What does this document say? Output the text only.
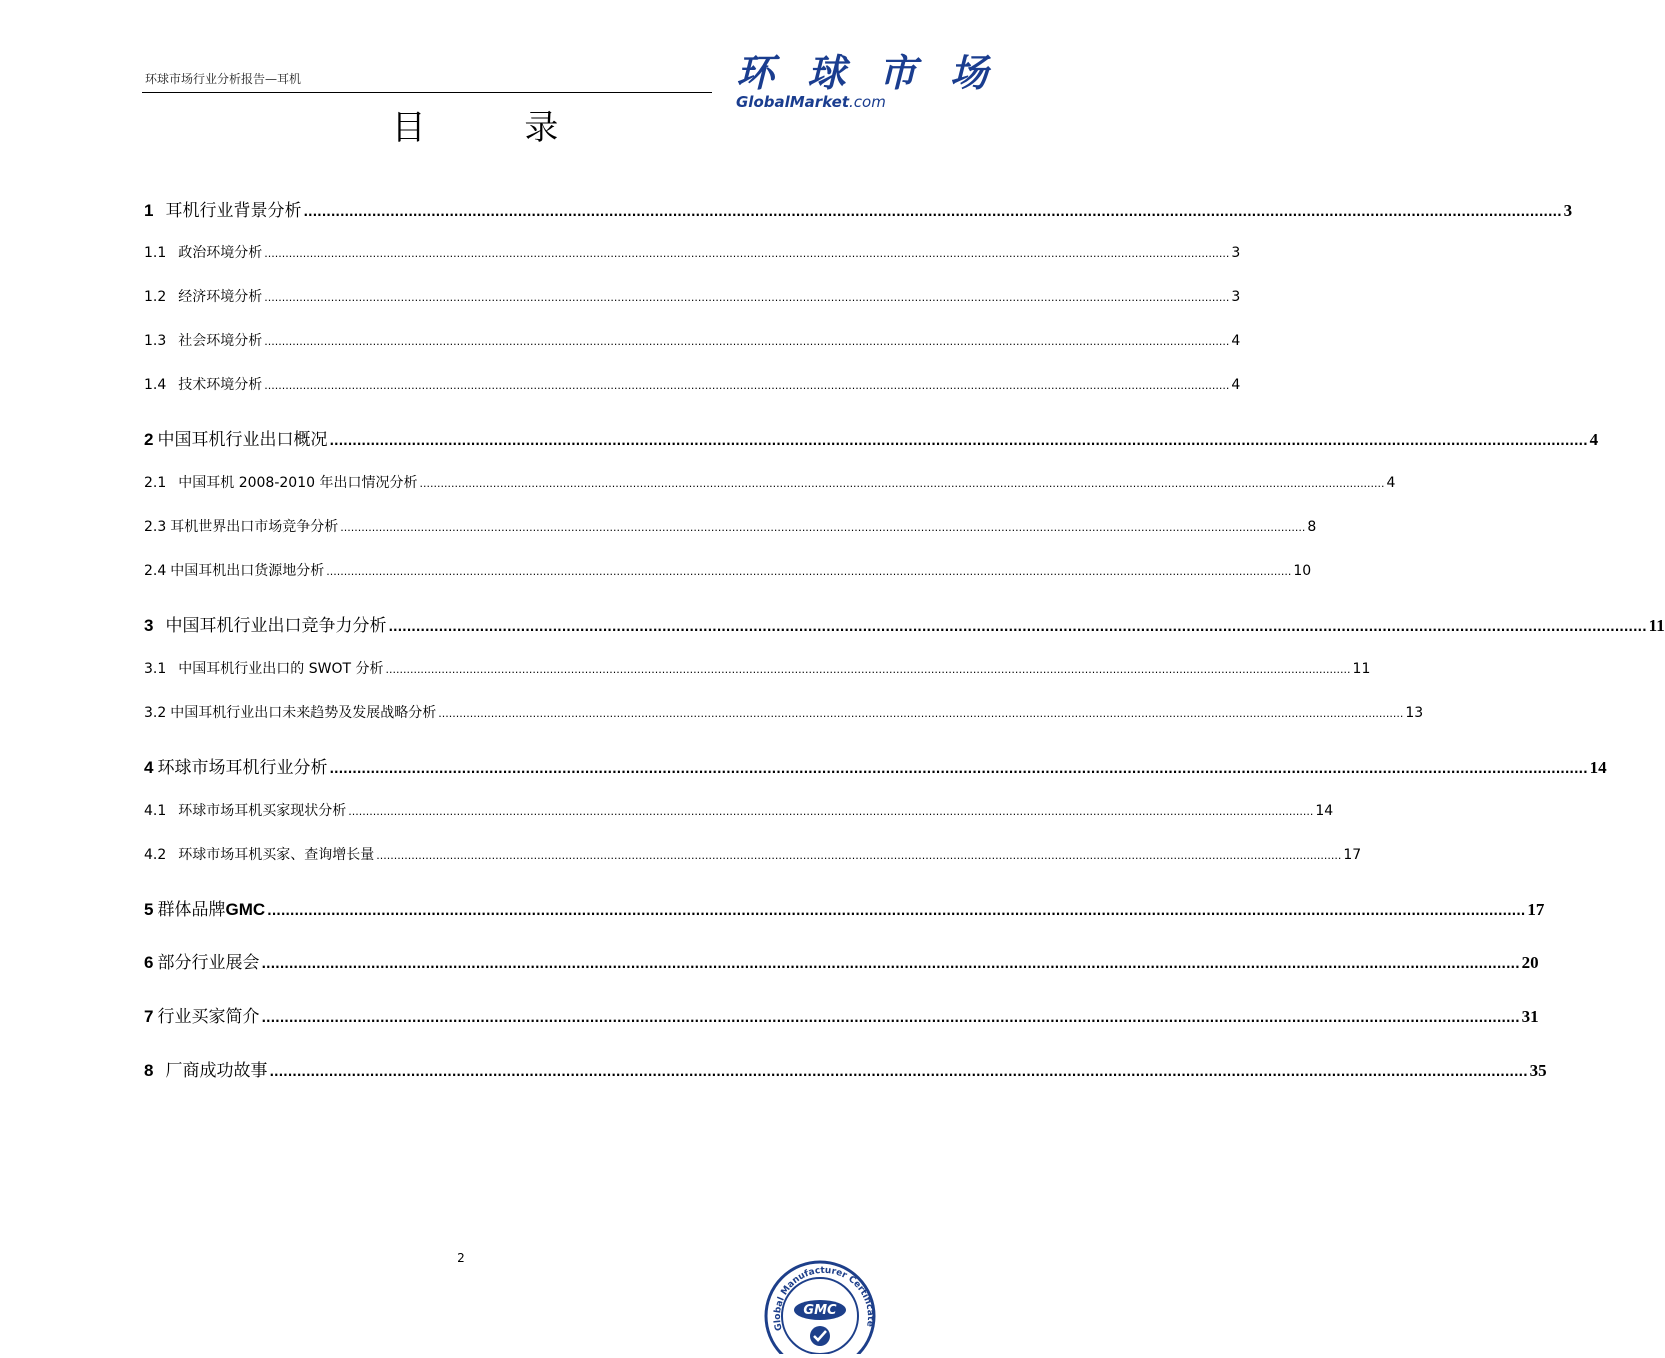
环球市场行业分析报告—耳机	环 球 市 场
GlobalMarket.com
目 录
1 耳机行业背景分析 .....	3
1.1 政治环境分析 .....	3
1.2 经济环境分析 .....	3
1.3 社会环境分析 .....	4
1.4 技术环境分析 .....	4
2 中国耳机行业出口概况 .....	4
2.1 中国耳机 2008-2010 年出口情况分析 .....	4
2.3 耳机世界出口市场竞争分析 .....	8
2.4 中国耳机出口货源地分析 .....	10
3 中国耳机行业出口竞争力分析 .....	11
3.1 中国耳机行业出口的 SWOT 分析 .....	11
3.2 中国耳机行业出口未来趋势及发展战略分析 .....	13
4 环球市场耳机行业分析 .....	14
4.1 环球市场耳机买家现状分析 .....	14
4.2 环球市场耳机买家、查询增长量 .....	17
5 群体品牌 GMC .....	17
6 部分行业展会 .....	20
7 行业买家简介 .....	31
8 厂商成功故事 .....	35
2
Global Manufacturer Certificate
GMC
